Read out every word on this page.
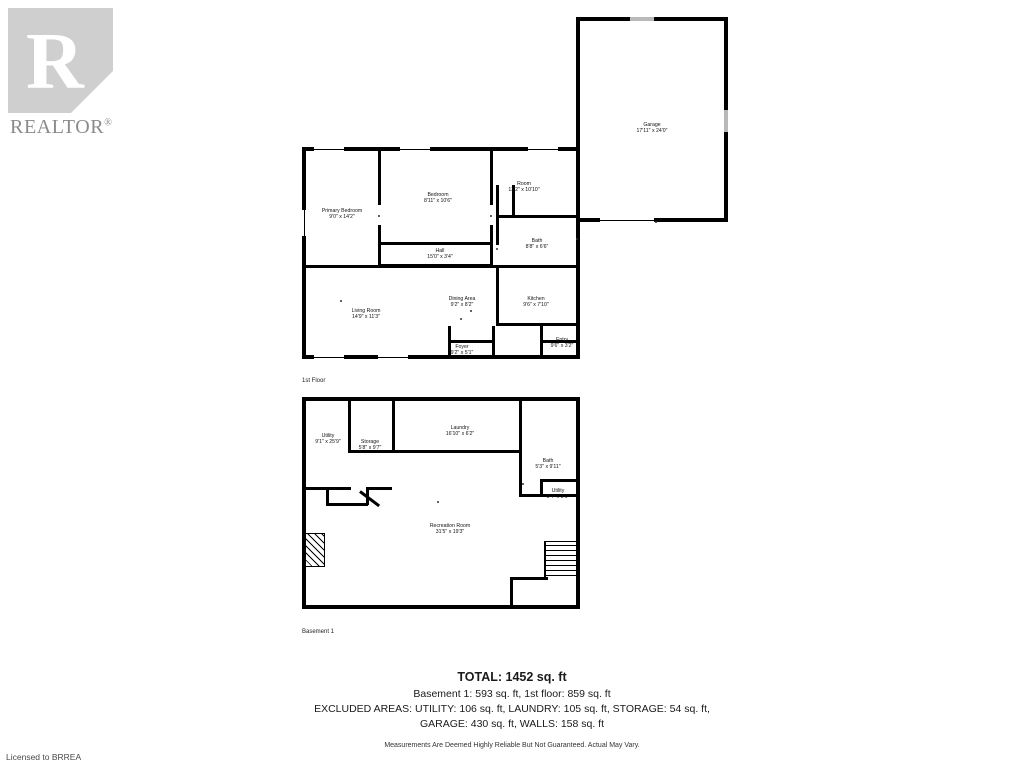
R
REALTOR®	Garage
17'11" x 24'0"
Primary Bedroom
9'0" x 14'2"
Bedroom
8'11" x 10'6"
Room
12'2" x 10'10"
Bath
8'8" x 6'6"
Hall
15'0" x 3'4"
Living Room
14'9" x 11'3"
Dining Area
9'2" x 8'2"
Kitchen
9'6" x 7'10"
Foyer
9'2" x 5'1"
Entry
9'6" x 3'2"
1st Floor
Utility
9'1" x 25'9"	Storage
5'8" x 9'7"
Laundry
16'10" x 6'2"
Bath
5'3" x 9'11"
Utility
5'4" x 3'1"
Recreation Room
31'5" x 19'3"
Basement 1
TOTAL: 1452 sq. ft
Basement 1: 593 sq. ft, 1st floor: 859 sq. ft
EXCLUDED AREAS: UTILITY: 106 sq. ft, LAUNDRY: 105 sq. ft, STORAGE: 54 sq. ft,
GARAGE: 430 sq. ft, WALLS: 158 sq. ft
Measurements Are Deemed Highly Reliable But Not Guaranteed. Actual May Vary.
Licensed to BRREA
